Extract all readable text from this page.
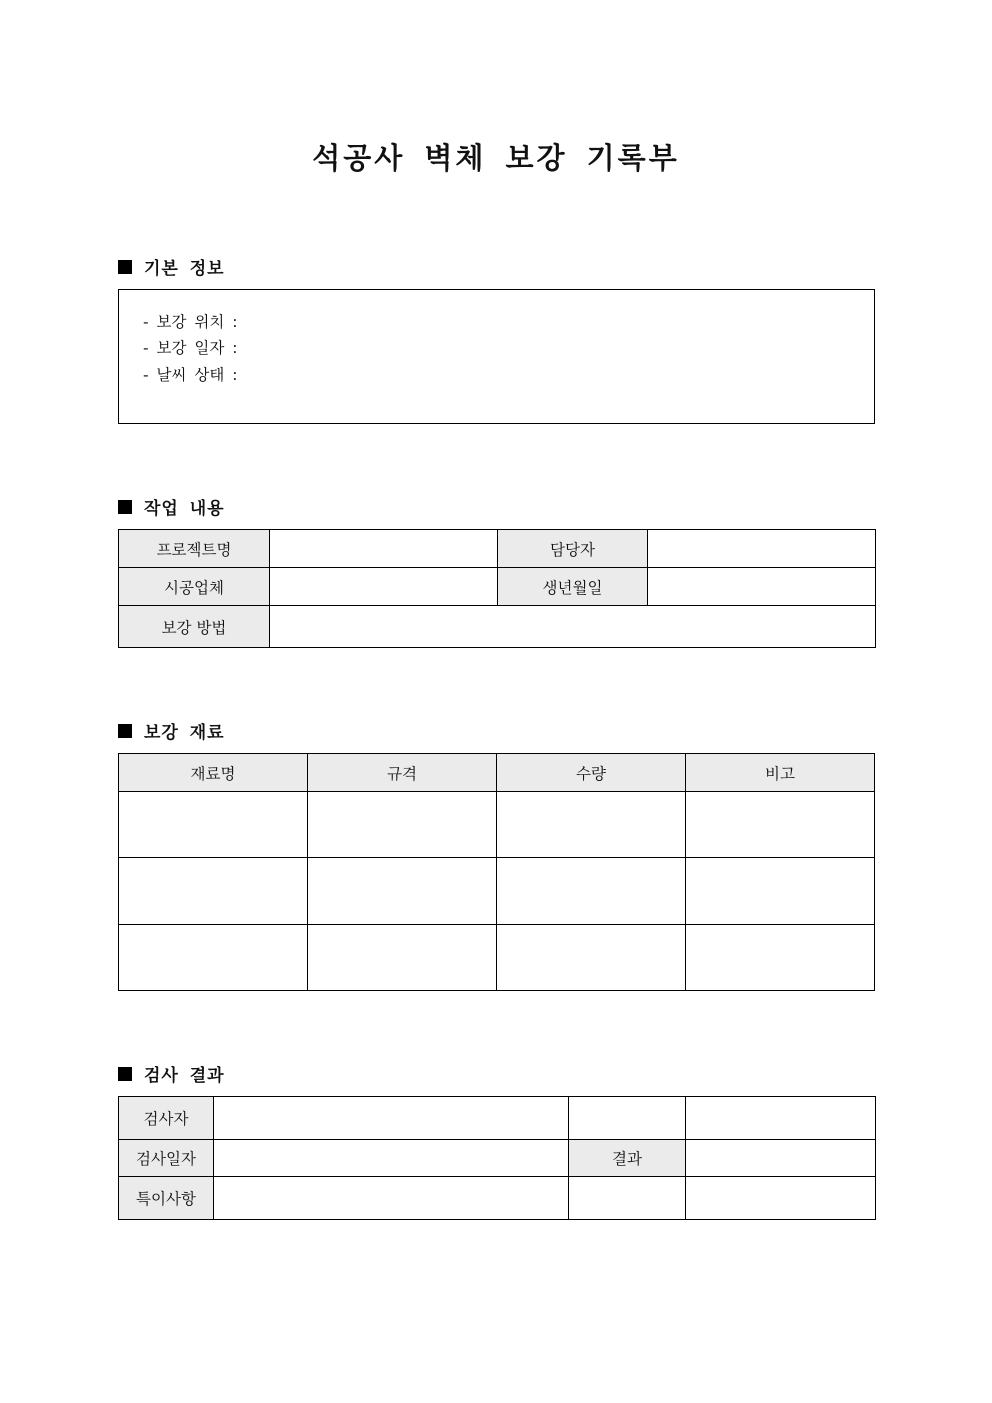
석공사 벽체 보강 기록부
기본 정보
- 보강 위치 :
- 보강 일자 :
- 날씨 상태 :
작업 내용
프로젝트명		담당자	
시공업체		생년월일	
보강 방법			
보강 재료
재료명	규격	수량	비고

검사 결과
검사자			
검사일자		결과	
특이사항			
